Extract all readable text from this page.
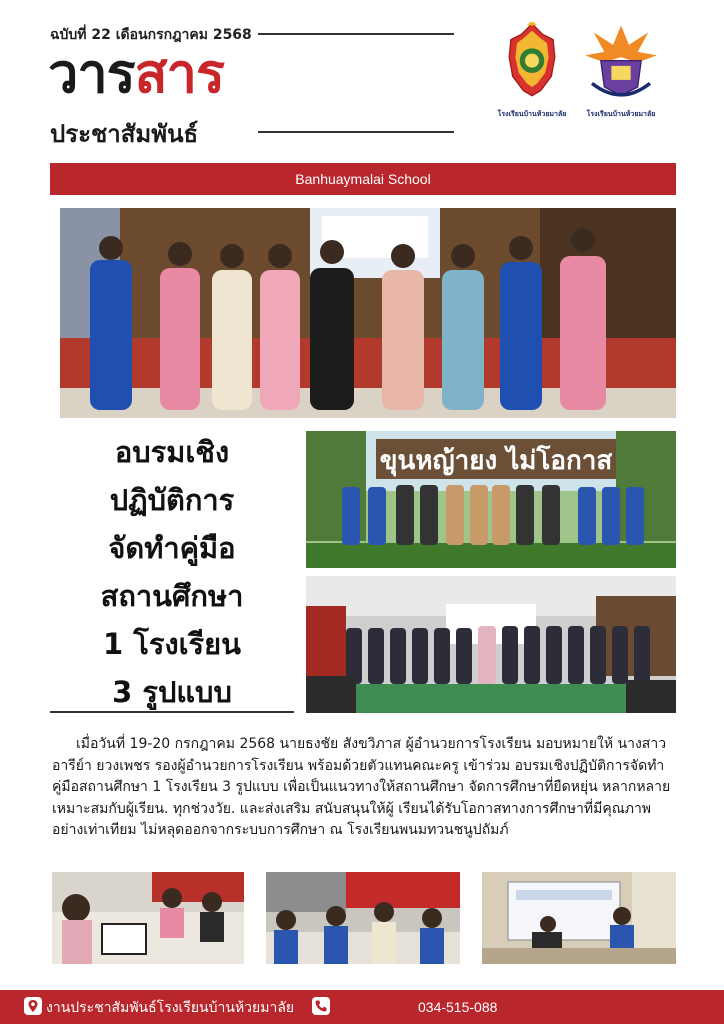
ฉบับที่ 22 เดือนกรกฎาคม 2568
วารสาร
ประชาสัมพันธ์
โรงเรียนบ้านห้วยมาลัย	โรงเรียนบ้านห้วยมาลัย
Banhuaymalai School
อบรมเชิง
ปฏิบัติการ
จัดทำคู่มือ
สถานศึกษา
1 โรงเรียน
3 รูปแบบ
ขุนหญ้ายง ไม่โอกาส

เมื่อวันที่ 19-20 กรกฎาคม 2568 นายธงชัย สังขวิภาส ผู้อำนวยการโรงเรียน มอบหมายให้ นางสาวอารีย์า ยวงเพชร รองผู้อำนวยการโรงเรียน พร้อมด้วยตัวแทนคณะครู เข้าร่วม อบรมเชิงปฏิบัติการจัดทำคู่มือสถานศึกษา 1 โรงเรียน 3 รูปแบบ เพื่อเป็นแนวทางให้สถานศึกษา จัดการศึกษาที่ยืดหยุ่น หลากหลาย เหมาะสมกับผู้เรียน. ทุกช่วงวัย. และส่งเสริม สนับสนุนให้ผู้ เรียนได้รับโอกาสทางการศึกษาที่มีคุณภาพอย่างเท่าเทียม ไม่หลุดออกจากระบบการศึกษา ณ โรงเรียนพนมทวนชนูปถัมภ์

งานประชาสัมพันธ์โรงเรียนบ้านห้วยมาลัย	034-515-088
